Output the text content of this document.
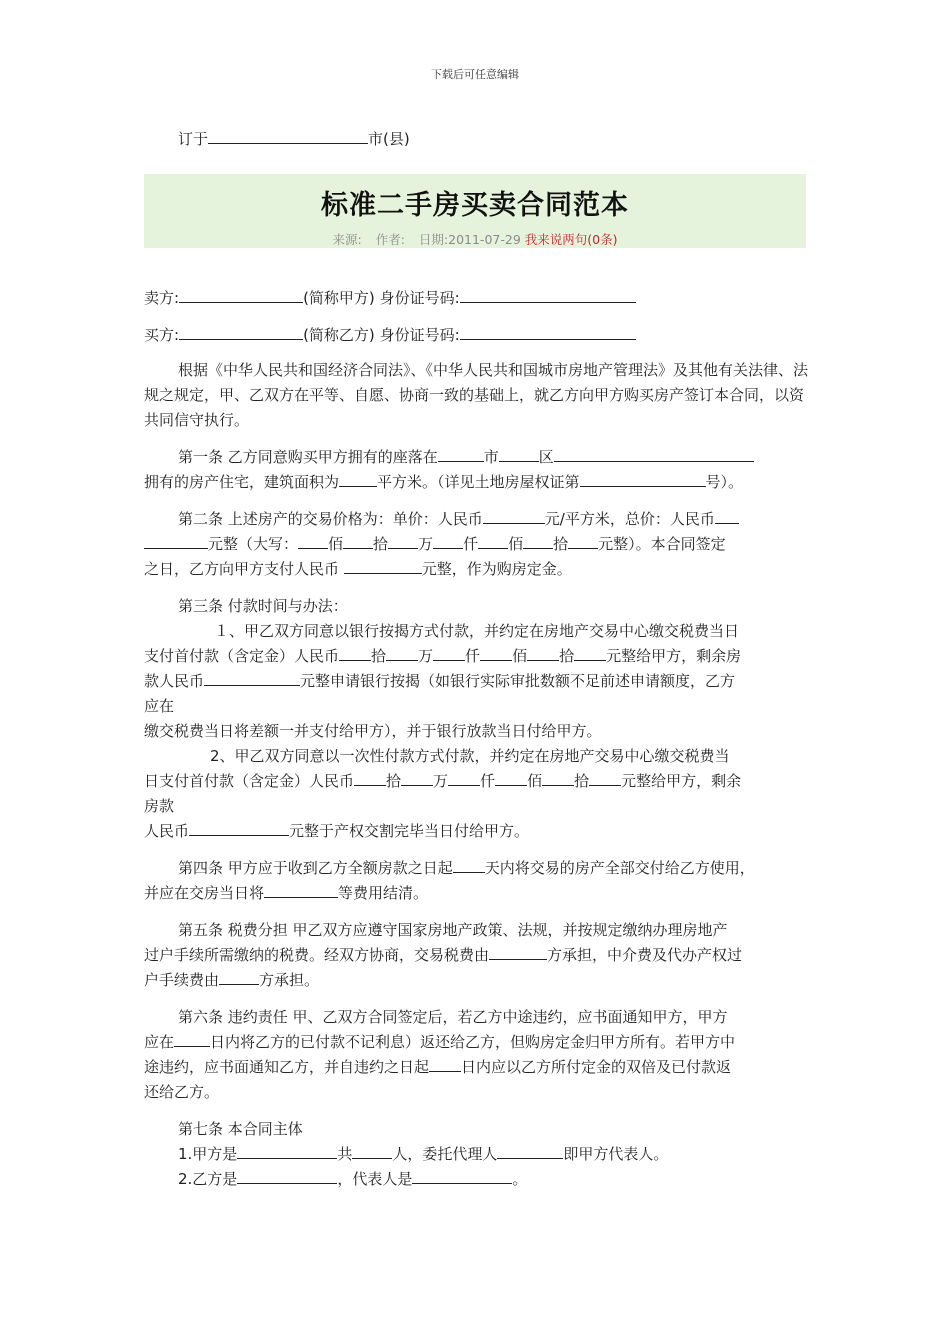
下载后可任意编辑
订于	市(县)
标准二手房买卖合同范本
来源: 作者: 日期:2011-07-29 我来说两句(0条)

卖方:	(简称甲方) 身份证号码:

买方:	(简称乙方) 身份证号码:

根据《中华人民共和国经济合同法》、《中华人民共和国城市房地产管理法》及其他有关法律、法规之规定，甲、乙双方在平等、自愿、协商一致的基础上，就乙方向甲方购买房产签订本合同，以资共同信守执行。

第一条 乙方同意购买甲方拥有的座落在	市	区

拥有的房产住宅，建筑面积为	平方米。（详见土地房屋权证第	号）。

第二条 上述房产的交易价格为：单价：人民币	元/平方米，总价：人民币

元整（大写： 佰 拾 万 仟 佰 拾 元整）。本合同签定

之日，乙方向甲方支付人民币	元整，作为购房定金。

第三条 付款时间与办法：

１、甲乙双方同意以银行按揭方式付款，并约定在房地产交易中心缴交税费当日

支付首付款（含定金）人民币 拾 万 仟 佰 拾 元整给甲方，剩余房

款人民币	元整申请银行按揭（如银行实际审批数额不足前述申请额度，乙方

应在

缴交税费当日将差额一并支付给甲方），并于银行放款当日付给甲方。

2、甲乙双方同意以一次性付款方式付款，并约定在房地产交易中心缴交税费当

日支付首付款（含定金）人民币 拾 万 仟 佰 拾 元整给甲方，剩余

房款

人民币	元整于产权交割完毕当日付给甲方。

第四条 甲方应于收到乙方全额房款之日起 天内将交易的房产全部交付给乙方使用，

并应在交房当日将	等费用结清。

第五条 税费分担 甲乙双方应遵守国家房地产政策、法规，并按规定缴纳办理房地产

过户手续所需缴纳的税费。经双方协商，交易税费由	方承担，中介费及代办产权过

户手续费由	方承担。

第六条 违约责任 甲、乙双方合同签定后，若乙方中途违约，应书面通知甲方，甲方

应在 日内将乙方的已付款不记利息）返还给乙方，但购房定金归甲方所有。若甲方中

途违约，应书面通知乙方，并自违约之日起 日内应以乙方所付定金的双倍及已付款返

还给乙方。

第七条 本合同主体

1.甲方是	共	人，委托代理人	即甲方代表人。

2.乙方是	，代表人是	。
